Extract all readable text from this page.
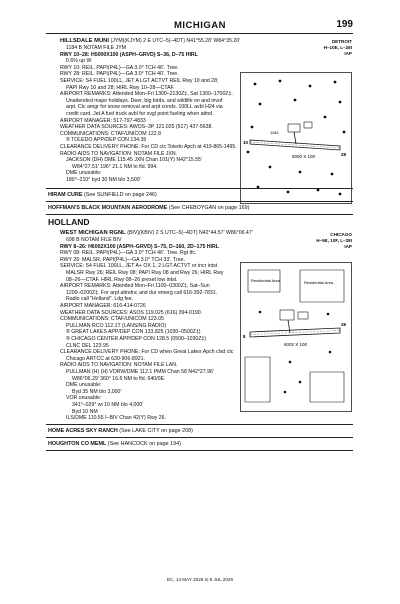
MICHIGAN	199
HILLSDALE MUNI (JYM)(KJYM) 2 E UTC–5(–4DT) N41°55.28′ W84°35.20′	DETROIT
H–10E, L–28I
IAP
1184 B NOTAM FILE JYM
RWY 10–28: H5000X100 (ASPH–GRVD) S–36, D–75 HIRL
0.6% up W
RWY 10: REIL. PAPI(P4L)—GA 3.0° TCH 46′. Tree.
RWY 28: REIL. PAPI(P4L)—GA 3.0° TCH 40′. Tree.
SERVICE: S4 FUEL 100LL, JET A LGT ACTVT REIL Rwy 10 and 28;
PAPI Rwy 10 and 28; HIRL Rwy 10–28—CTAF.
AIRPORT REMARKS: Attended Mon–Fri 1300–2130Z‡, Sat 1300–1700Z‡.
Unattended major holidays. Deer, big birds, and wildlife on and invof
arpt. Ctc amgr for snow removal and arpt conds. 100LL avbl H24 via
credit card. Jet A fuel truck avbl for svgl point fueling when attnd.
AIRPORT MANAGER: 517-797-4833
WEATHER DATA SOURCES: AWOS–3P 121.025 (517) 437-5638.
COMMUNICATIONS: CTAF/UNICOM 122.8
® TOLEDO APP/DEP CON 134.35
CLEARANCE DELIVERY PHONE: For CD ctc Toledo Apch at 419-865-1495.
RADIO AIDS TO NAVIGATION: NOTAM FILE JXN.
JACKSON (DH) DME 115.45 JXN Chan 101(Y) N42°15.55′
W84°27.51′ 196° 21.1 NM to fld. 994.
DME unusable:
180°–210° byd 30 NM blo 3,500′
5000 X 100
10
28
1184
HIRAM CURE (See SUNFIELD on page 246)
HOFFMAN'S BLACK MOUNTAIN AERODROME (See CHEBOYGAN on page 169)
HOLLAND
WEST MICHIGAN RGNL (BIV)(KBIV) 2 S UTC–5(–4DT) N42°44.57′ W86°06.47′	CHICAGO
H–5E, 10F, L–28I
IAP
698 B NOTAM FILE BIV
RWY 8–26: H6002X100 (ASPH–GRVD) S–75, D–160, 2D–175 HIRL
RWY 08: REIL. PAPI(P4L)—GA 3.0° TCH 46′. Tree. Rgt tfc.
RWY 26: MALSR. PAPI(P4L)—GA 3.0° TCH 33′. Tree.
SERVICE: S4 FUEL 100LL, JET A+ OX 1, 2 LGT ACTVT or incr intst
MALSR Rwy 26; REIL Rwy 08; PAPI Rwy 08 and Rwy 26; HIRL Rwy
08–26—CTAF. HIRL Rwy 08–26 preset low intst.
AIRPORT REMARKS: Attended Mon–Fri 1100–0300Z‡, Sat–Sun
1200–0200Z‡. For arpt attndnc and dur emerg call 616-392-7831.
Radio call "Holland". Ldg fee.
AIRPORT MANAGER: 616-414-0726
WEATHER DATA SOURCES: ASOS 119.025 (616) 394-0190.
COMMUNICATIONS: CTAF/UNICOM 123.05
PULLMAN RCO 112.1T (LANSING RADIO)
® GREAT LAKES APP/DEP CON 133.825 (1030–0500Z‡)
® CHICAGO CENTER APP/DEP CON 128.5 (0500–1030Z‡)
CLNC DEL 123.95
CLEARANCE DELIVERY PHONE: For CD when Great Lakes Apch clsd ctc
Chicago ARTCC at 630-906-8921.
RADIO AIDS TO NAVIGATION: NOTAM FILE LAN.
PULLMAN (H) (H) VORW/DME 112.1 PMM Chan 58 N42°27.96′
W86°06.29′ 360° 16.6 NM to fld. 640/0E.
DME unusable:
Byd 35 NM blo 3,000′
VOR unusable:
341°–029° wi 10 NM blo 4,000′
Byd 10 NM
ILS/DME 110.55 I–BIV Chan 42(Y) Rwy 26.
Residential Area	Residential Area
6002 X 100
8
26
HOME ACRES SKY RANCH (See LAKE CITY on page 208)
HOUGHTON CO MEML (See HANCOCK on page 194)
EC, 14 MAY 2026 to 9 JUL 2026
